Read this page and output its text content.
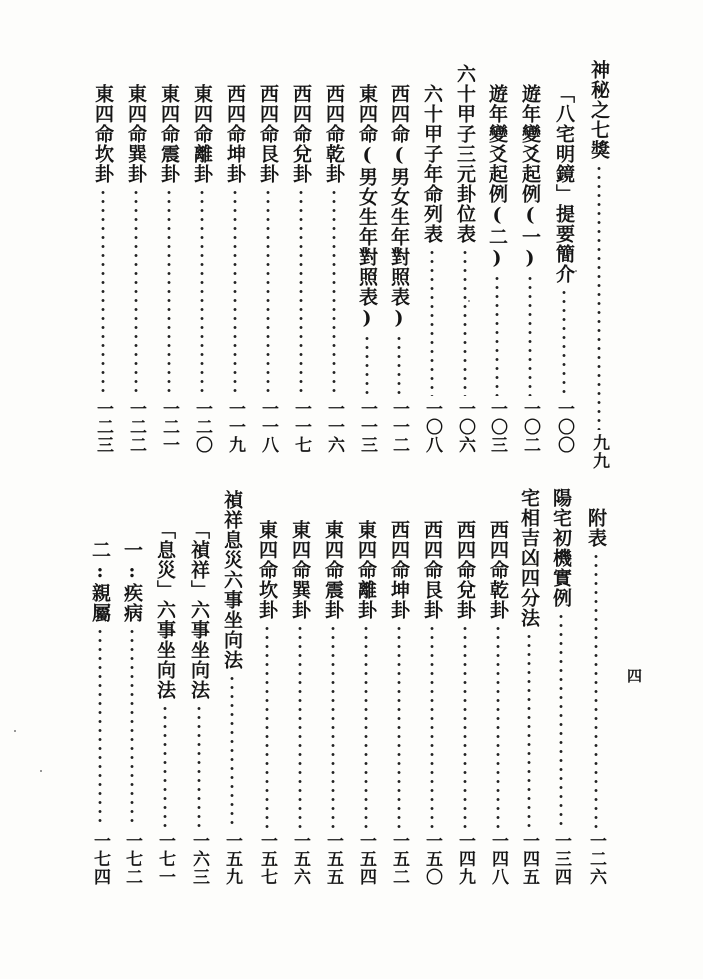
神秘之七獎
九九
「八宅明鏡」提要簡介
一〇〇
遊年變爻起例(一)
一〇二
遊年變爻起例(二)
一〇三
六十甲子三元卦位表
一〇六
六十甲子年命列表
一〇八
西四命(男女生年對照表)
一一二
東四命(男女生年對照表)
一一三
西四命乾卦
一一六
西四命兌卦
一一七
西四命艮卦
一一八
西四命坤卦
一一九
東四命離卦
一二〇
東四命震卦
一二一
東四命巽卦
一二二
東四命坎卦
一二三
附表
一二六
陽宅初機實例
一三四
宅相吉凶四分法
一四五
西四命乾卦
一四八
西四命兌卦
一四九
西四命艮卦
一五〇
西四命坤卦
一五二
東四命離卦
一五四
東四命震卦
一五五
東四命巽卦
一五六
東四命坎卦
一五七
禎祥息災六事坐向法
一五九
「禎祥」六事坐向法
一六三
「息災」六事坐向法
一七一
一:疾病
一七二
二:親屬
一七四
四
